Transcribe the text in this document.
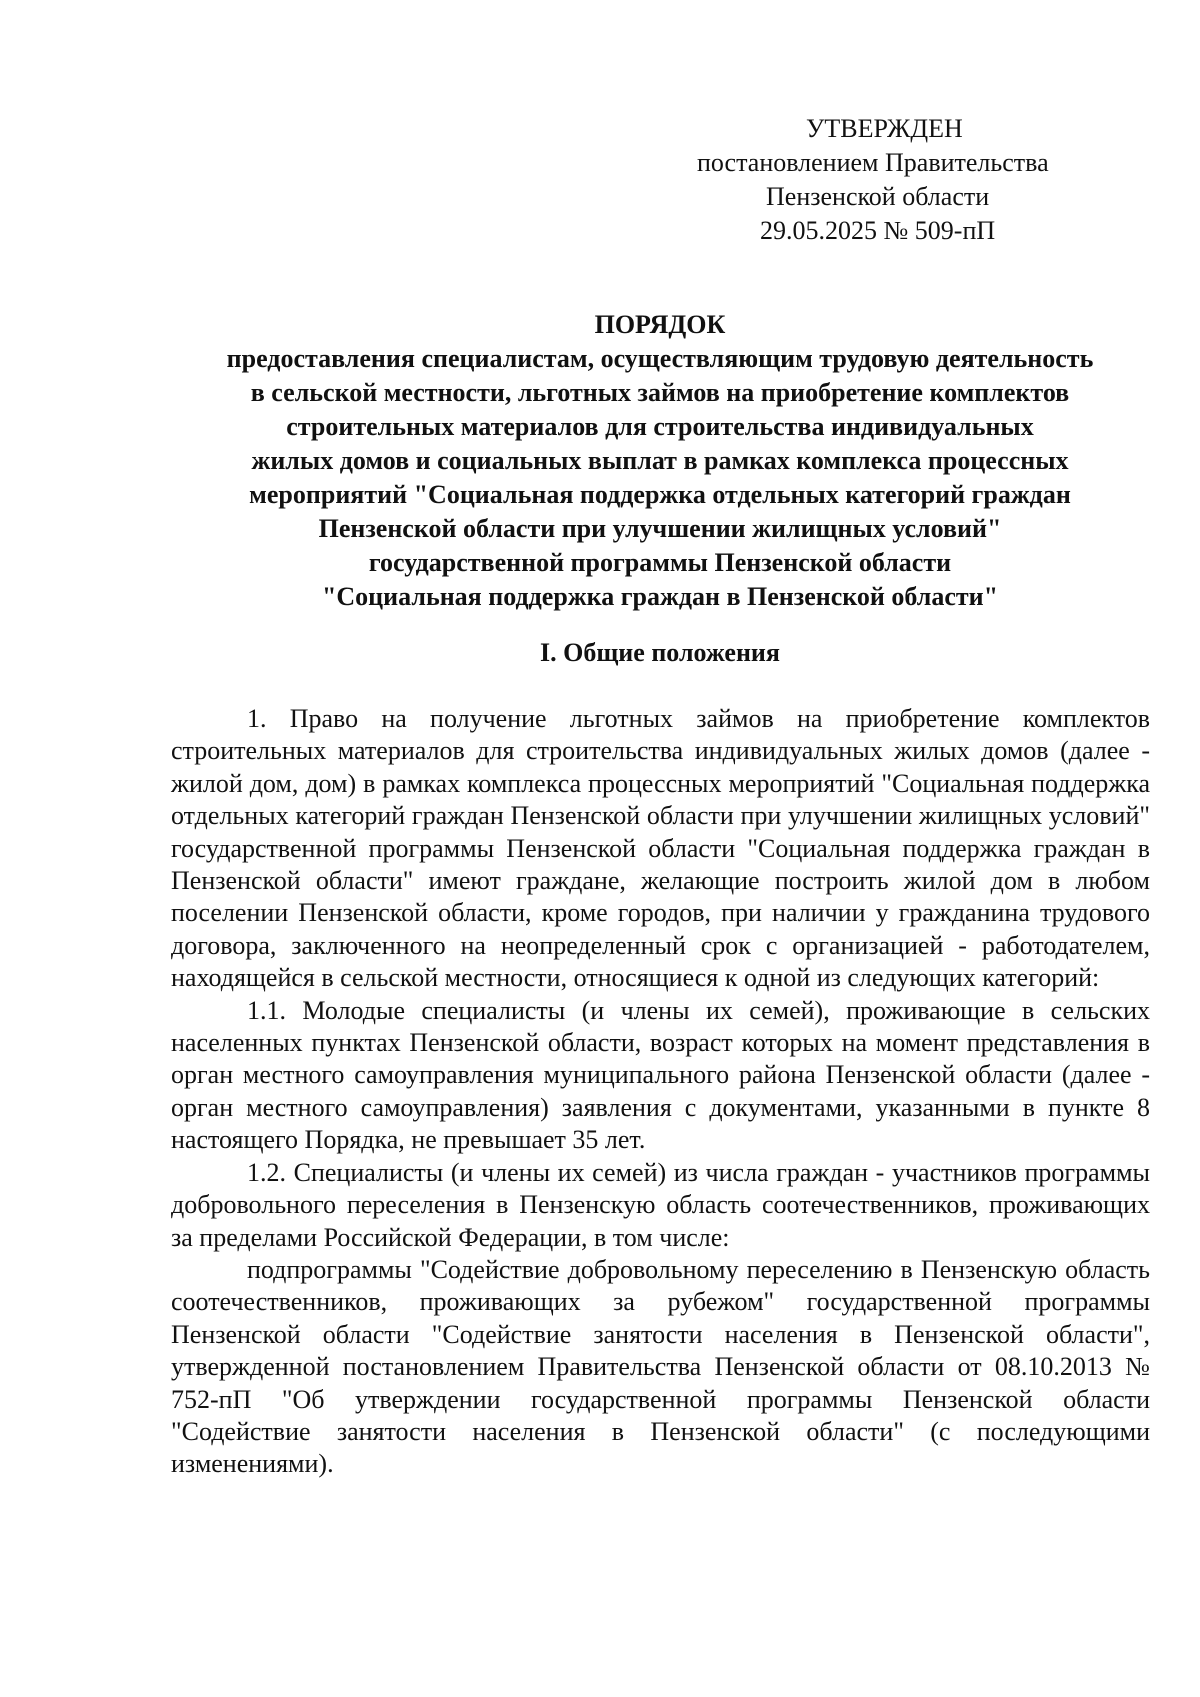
УТВЕРЖДЕН
постановлением Правительства
Пензенской области
29.05.2025 № 509-пП
ПОРЯДОК
предоставления специалистам, осуществляющим трудовую деятельность
в сельской местности, льготных займов на приобретение комплектов
строительных материалов для строительства индивидуальных
жилых домов и социальных выплат в рамках комплекса процессных
мероприятий "Социальная поддержка отдельных категорий граждан
Пензенской области при улучшении жилищных условий"
государственной программы Пензенской области
"Социальная поддержка граждан в Пензенской области"
I. Общие положения

1. Право на получение льготных займов на приобретение комплектов строительных материалов для строительства индивидуальных жилых домов (далее - жилой дом, дом) в рамках комплекса процессных мероприятий "Социальная поддержка отдельных категорий граждан Пензенской области при улучшении жилищных условий" государственной программы Пензенской области "Социальная поддержка граждан в Пензенской области" имеют граждане, желающие построить жилой дом в любом поселении Пензенской области, кроме городов, при наличии у гражданина трудового договора, заключенного на неопределенный срок с организацией - работодателем, находящейся в сельской местности, относящиеся к одной из следующих категорий:

1.1. Молодые специалисты (и члены их семей), проживающие в сельских населенных пунктах Пензенской области, возраст которых на момент представления в орган местного самоуправления муниципального района Пензенской области (далее - орган местного самоуправления) заявления с документами, указанными в пункте 8 настоящего Порядка, не превышает 35 лет.

1.2. Специалисты (и члены их семей) из числа граждан - участников программы добровольного переселения в Пензенскую область соотечественников, проживающих за пределами Российской Федерации, в том числе:

подпрограммы "Содействие добровольному переселению в Пензенскую область соотечественников, проживающих за рубежом" государственной программы Пензенской области "Содействие занятости населения в Пензенской области", утвержденной постановлением Правительства Пензенской области от 08.10.2013 № 752-пП "Об утверждении государственной программы Пензенской области "Содействие занятости населения в Пензенской области" (с последующими изменениями).
